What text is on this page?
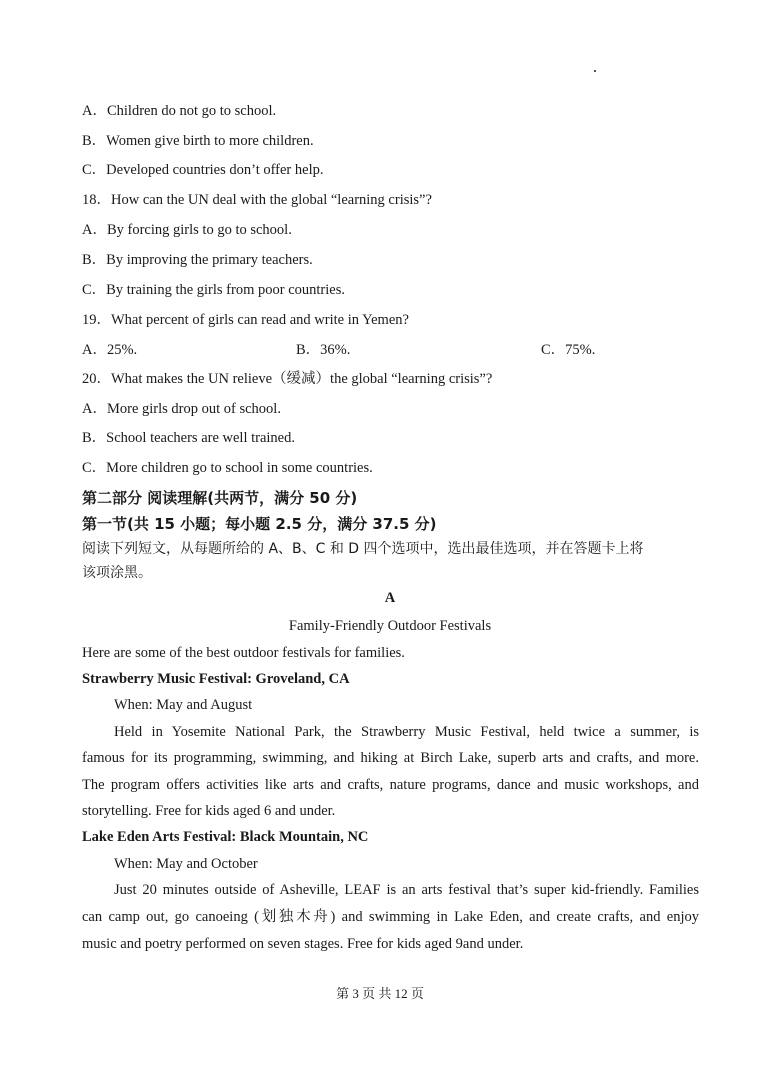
A．Children do not go to school.
B．Women give birth to more children.
C．Developed countries don’t offer help.
18．How can the UN deal with the global “learning crisis”?
A．By forcing girls to go to school.
B．By improving the primary teachers.
C．By training the girls from poor countries.
19．What percent of girls can read and write in Yemen?
A．25%.	B．36%.	C．75%.
20．What makes the UN relieve（缓减）the global “learning crisis”?
A．More girls drop out of school.
B．School teachers are well trained.
C．More children go to school in some countries.
第二部分 阅读理解(共两节，满分 50 分)
第一节(共 15 小题；每小题 2.5 分，满分 37.5 分)
阅读下列短文，从每题所给的 A、B、C 和 D 四个选项中，选出最佳选项，并在答题卡上将
该项涂黑。
A
Family-Friendly Outdoor Festivals
Here are some of the best outdoor festivals for families.
Strawberry Music Festival: Groveland, CA
When: May and August
Held in Yosemite National Park, the Strawberry Music Festival, held twice a summer, is
famous for its programming, swimming, and hiking at Birch Lake, superb arts and crafts, and more.
The program offers activities like arts and crafts, nature programs, dance and music workshops, and
storytelling. Free for kids aged 6 and under.
Lake Eden Arts Festival: Black Mountain, NC
When: May and October
Just 20 minutes outside of Asheville, LEAF is an arts festival that’s super kid-friendly. Families
can camp out, go canoeing (划独木舟) and swimming in Lake Eden, and create crafts, and enjoy
music and poetry performed on seven stages. Free for kids aged 9and under.
第 3 页 共 12 页
